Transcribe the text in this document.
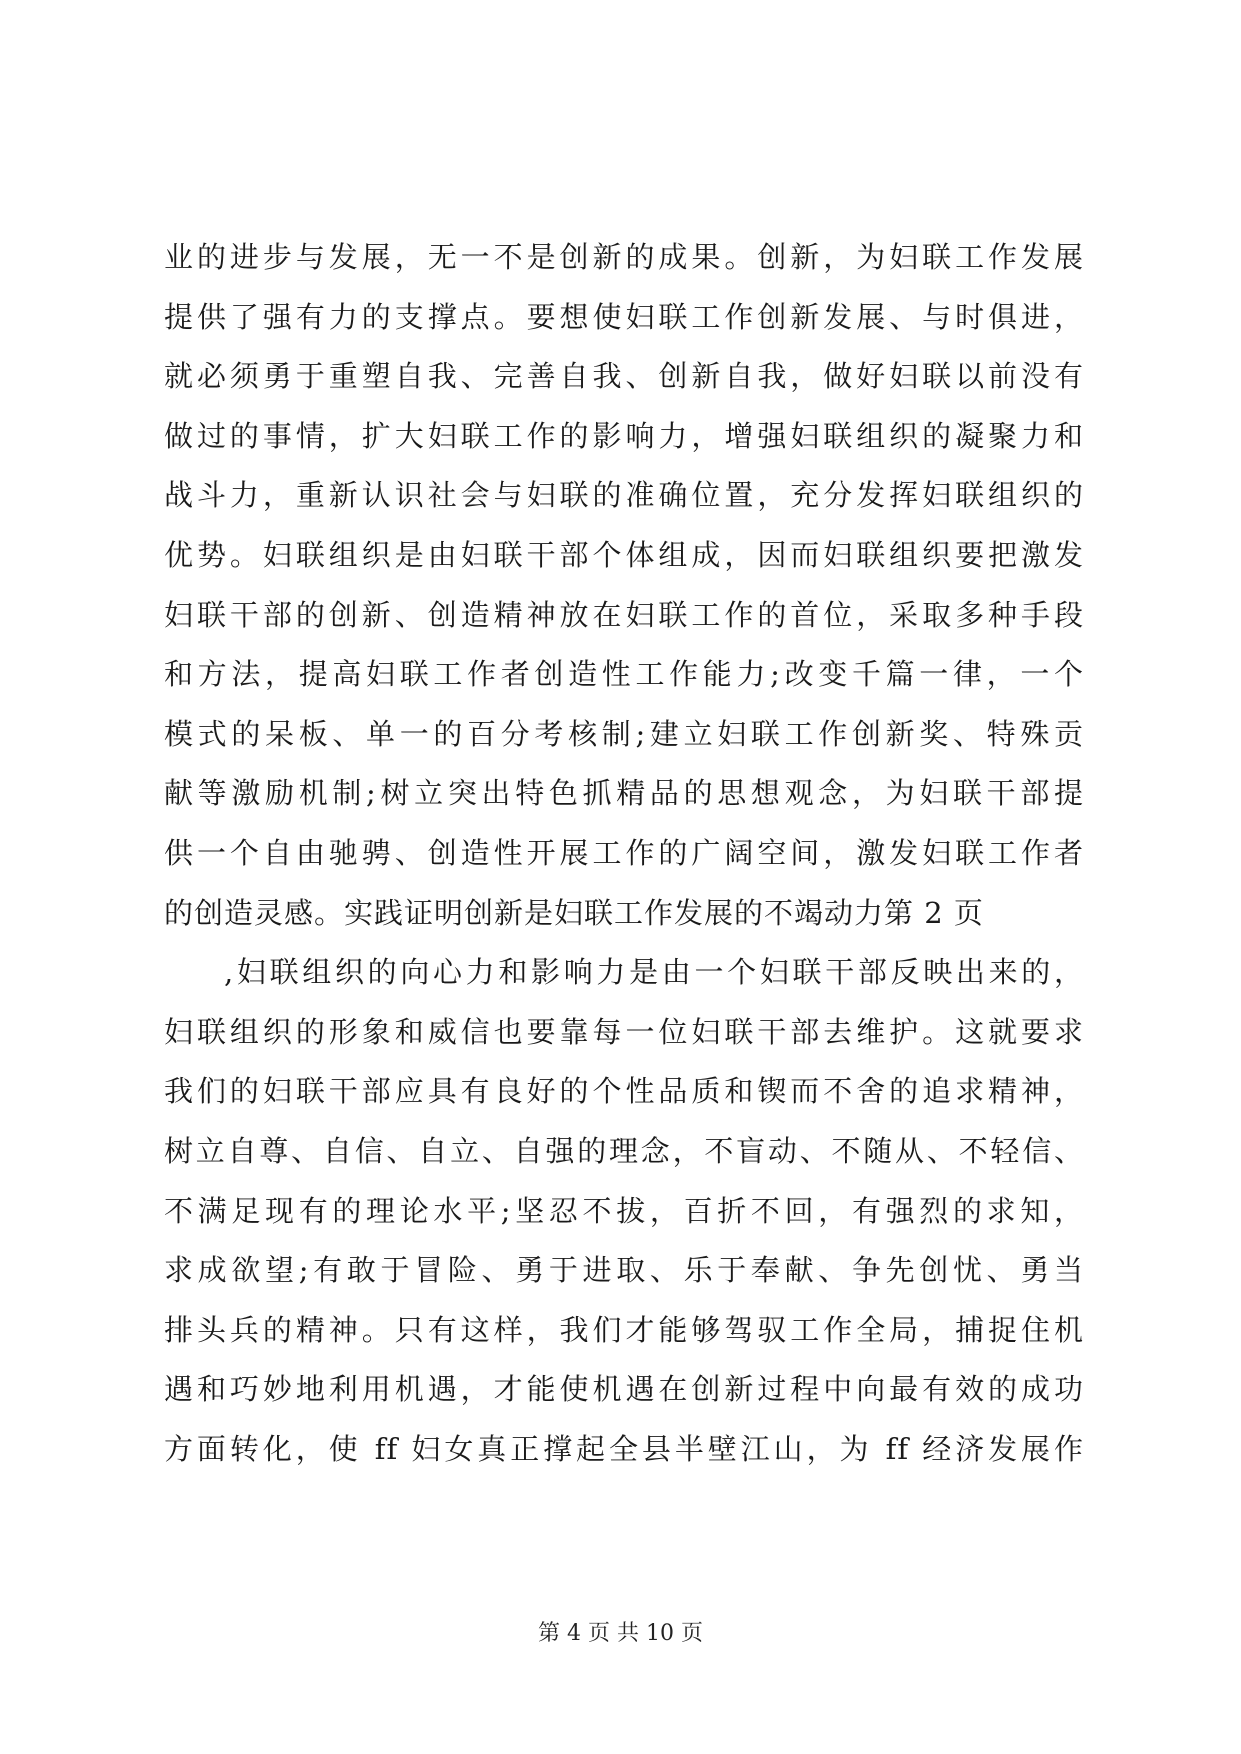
业的进步与发展，无一不是创新的成果。创新，为妇联工作发展
提供了强有力的支撑点。要想使妇联工作创新发展、与时俱进，
就必须勇于重塑自我、完善自我、创新自我，做好妇联以前没有
做过的事情，扩大妇联工作的影响力，增强妇联组织的凝聚力和
战斗力，重新认识社会与妇联的准确位置，充分发挥妇联组织的
优势。妇联组织是由妇联干部个体组成，因而妇联组织要把激发
妇联干部的创新、创造精神放在妇联工作的首位，采取多种手段
和方法，提高妇联工作者创造性工作能力;改变千篇一律，一个
模式的呆板、单一的百分考核制;建立妇联工作创新奖、特殊贡
献等激励机制;树立突出特色抓精品的思想观念，为妇联干部提
供一个自由驰骋、创造性开展工作的广阔空间，激发妇联工作者
的创造灵感。实践证明创新是妇联工作发展的不竭动力第 2 页
,妇联组织的向心力和影响力是由一个妇联干部反映出来的，
妇联组织的形象和威信也要靠每一位妇联干部去维护。这就要求
我们的妇联干部应具有良好的个性品质和锲而不舍的追求精神，
树立自尊、自信、自立、自强的理念，不盲动、不随从、不轻信、
不满足现有的理论水平;坚忍不拔，百折不回，有强烈的求知，
求成欲望;有敢于冒险、勇于进取、乐于奉献、争先创忧、勇当
排头兵的精神。只有这样，我们才能够驾驭工作全局，捕捉住机
遇和巧妙地利用机遇，才能使机遇在创新过程中向最有效的成功
方面转化，使 ff 妇女真正撑起全县半壁江山，为 ff 经济发展作
第 4 页 共 10 页
